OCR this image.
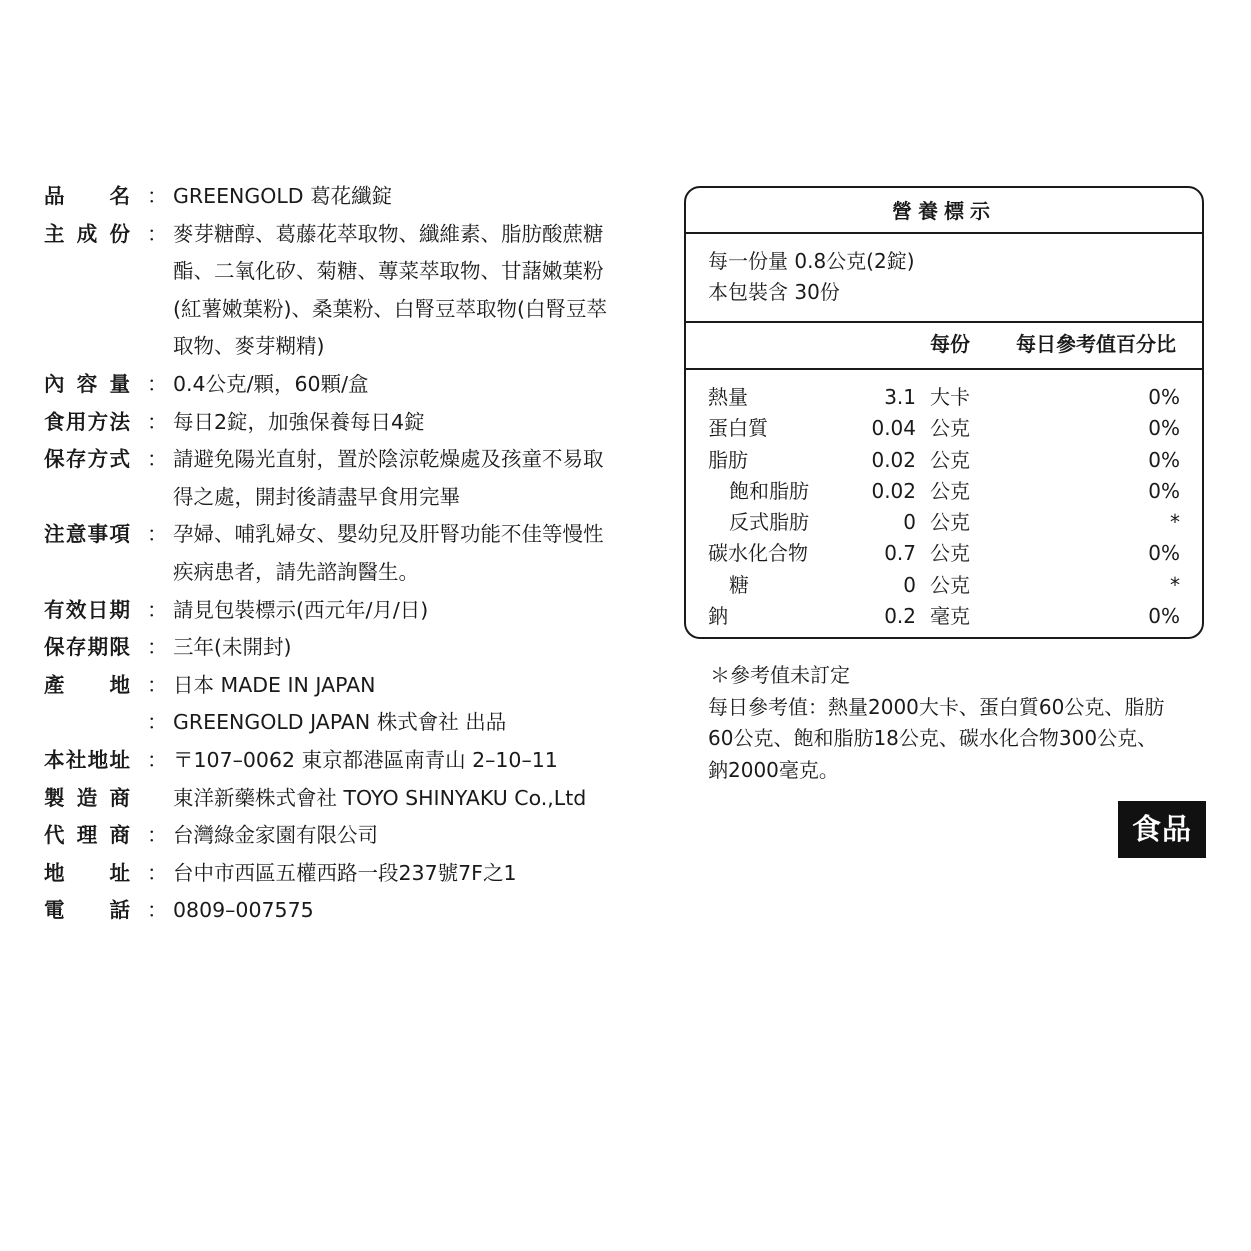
品 名 ： GREENGOLD 葛花纖錠
主 成 份 ： 麥芽糖醇、葛藤花萃取物、纖維素、脂肪酸蔗糖
酯、二氧化矽、菊糖、蓴菜萃取物、甘藷嫩葉粉
(紅薯嫩葉粉)、桑葉粉、白腎豆萃取物(白腎豆萃
取物、麥芽糊精)
內 容 量 ： 0.4公克/顆，60顆/盒
食 用 方 法 ： 每日2錠，加強保養每日4錠
保 存 方 式 ： 請避免陽光直射，置於陰涼乾燥處及孩童不易取
得之處，開封後請盡早食用完畢
注 意 事 項 ： 孕婦、哺乳婦女、嬰幼兒及肝腎功能不佳等慢性
疾病患者，請先諮詢醫生。
有 效 日 期 ： 請見包裝標示(西元年/月/日)
保 存 期 限 ： 三年(未開封)
產 地 ： 日本 MADE IN JAPAN
： GREENGOLD JAPAN 株式會社 出品
本 社 地 址 ： 〒107–0062 東京都港區南青山 2–10–11
製 造 商 東洋新藥株式會社 TOYO SHINYAKU Co.,Ltd
代 理 商 ： 台灣綠金家園有限公司
地 址 ： 台中市西區五權西路一段237號7F之1
電 話 ： 0809–007575
營養標示
每一份量 0.8公克(2錠)
本包裝含 30份
每份 每日參考值百分比
熱量	3.1 大卡	0%
蛋白質	0.04 公克	0%
脂肪	0.02 公克	0%
飽和脂肪	0.02 公克	0%
反式脂肪	0 公克	*
碳水化合物	0.7 公克	0%
糖	0 公克	*
鈉	0.2 毫克	0%
＊參考值未訂定
每日參考值：熱量2000大卡、蛋白質60公克、脂肪
60公克、飽和脂肪18公克、碳水化合物300公克、
鈉2000毫克。
食品
